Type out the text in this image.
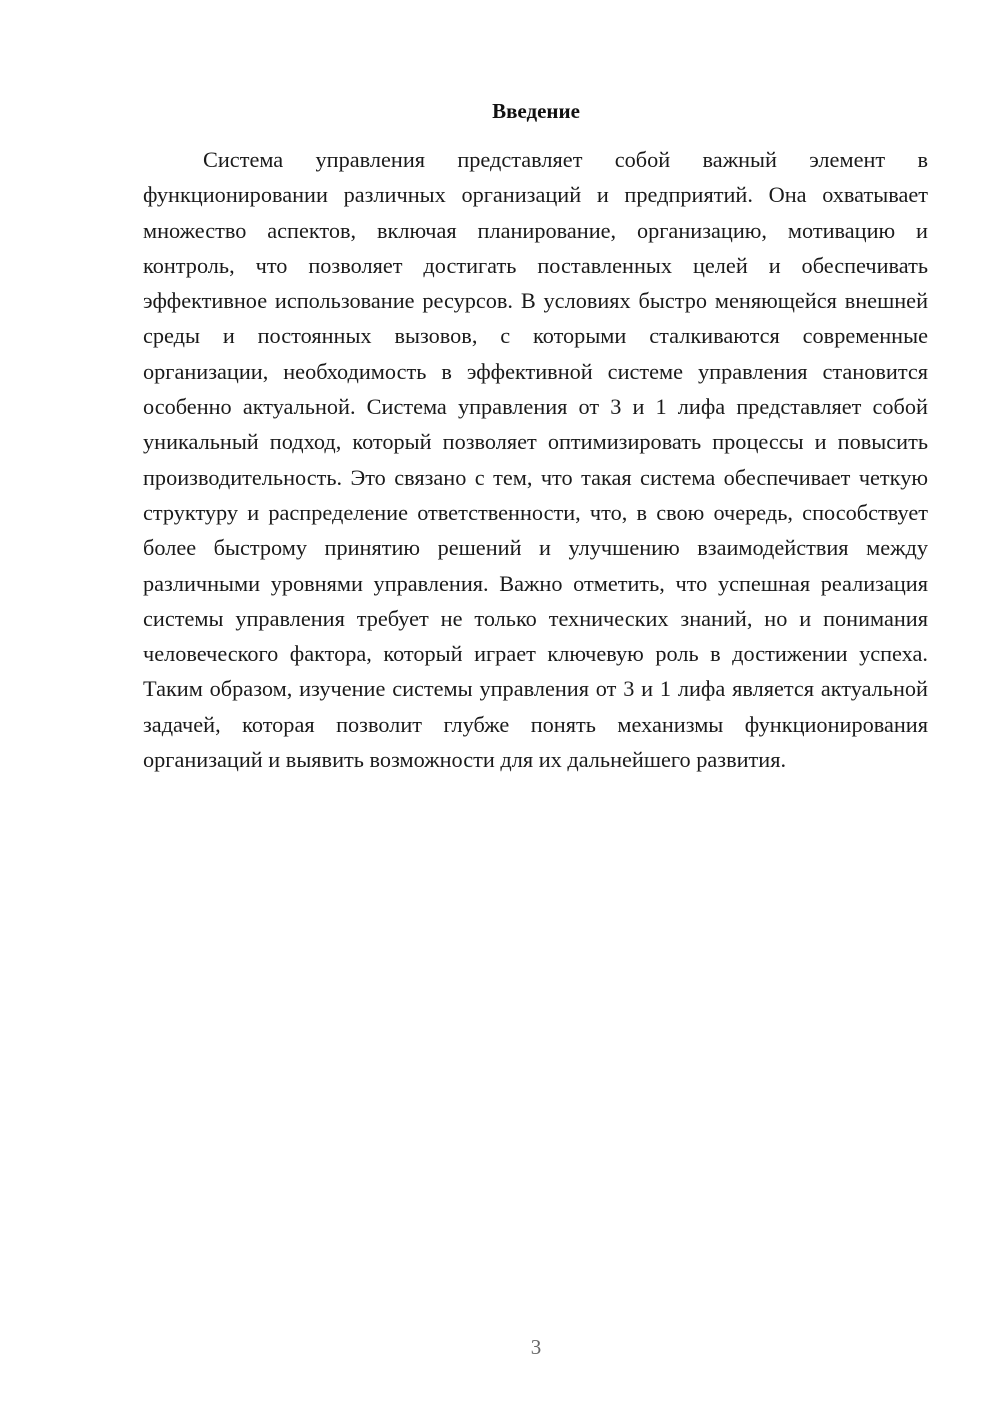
Введение

Система управления представляет собой важный элемент в функционировании различных организаций и предприятий. Она охватывает множество аспектов, включая планирование, организацию, мотивацию и контроль, что позволяет достигать поставленных целей и обеспечивать эффективное использование ресурсов. В условиях быстро меняющейся внешней среды и постоянных вызовов, с которыми сталкиваются современные организации, необходимость в эффективной системе управления становится особенно актуальной. Система управления от 3 и 1 лифа представляет собой уникальный подход, который позволяет оптимизировать процессы и повысить производительность. Это связано с тем, что такая система обеспечивает четкую структуру и распределение ответственности, что, в свою очередь, способствует более быстрому принятию решений и улучшению взаимодействия между различными уровнями управления. Важно отметить, что успешная реализация системы управления требует не только технических знаний, но и понимания человеческого фактора, который играет ключевую роль в достижении успеха. Таким образом, изучение системы управления от 3 и 1 лифа является актуальной задачей, которая позволит глубже понять механизмы функционирования организаций и выявить возможности для их дальнейшего развития.

3
